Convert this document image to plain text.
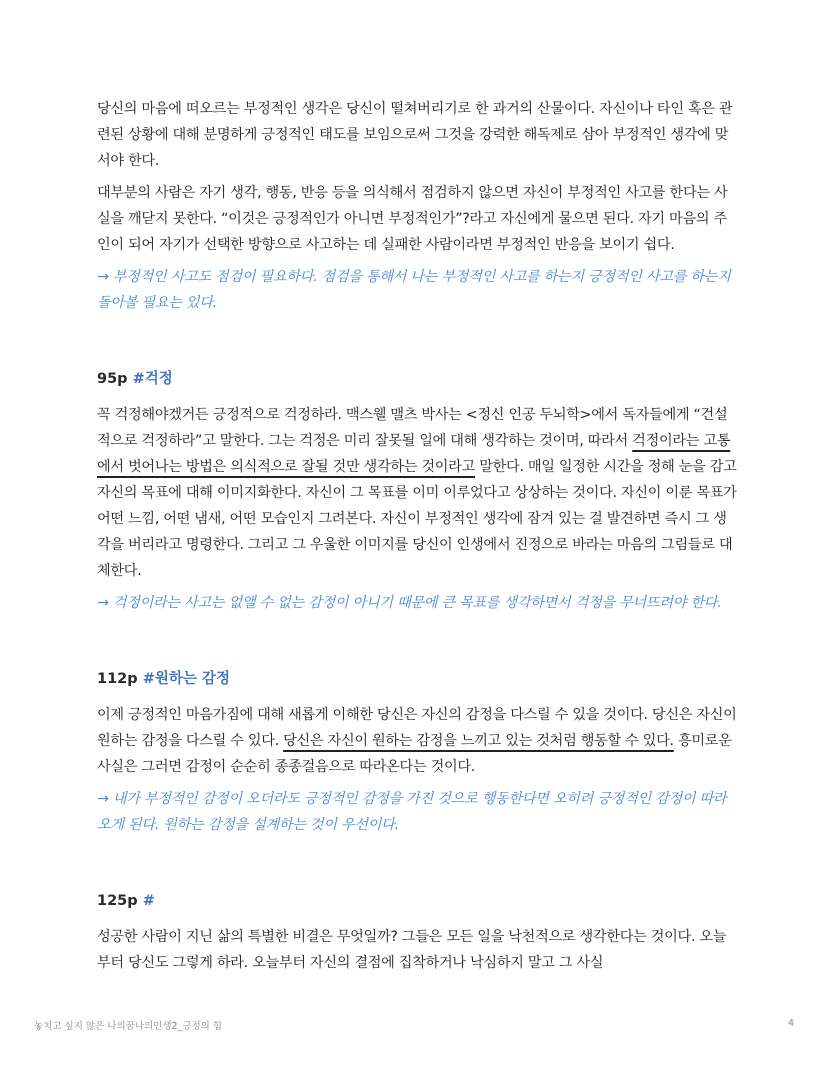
당신의 마음에 떠오르는 부정적인 생각은 당신이 떨쳐버리기로 한 과거의 산물이다. 자신이나 타인 혹은 관련된 상황에 대해 분명하게 긍정적인 태도를 보임으로써 그것을 강력한 해독제로 삼아 부정적인 생각에 맞서야 한다.

대부분의 사람은 자기 생각, 행동, 반응 등을 의식해서 점검하지 않으면 자신이 부정적인 사고를 한다는 사실을 깨닫지 못한다. “이것은 긍정적인가 아니면 부정적인가”?라고 자신에게 물으면 된다. 자기 마음의 주인이 되어 자기가 선택한 방향으로 사고하는 데 실패한 사람이라면 부정적인 반응을 보이기 쉽다.

→ 부정적인 사고도 점검이 필요하다. 점검을 통해서 나는 부정적인 사고를 하는지 긍정적인 사고를 하는지 돌아볼 필요는 있다.

95p #걱정

꼭 걱정해야겠거든 긍정적으로 걱정하라. 맥스웰 맬츠 박사는 <정신 인공 두뇌학>에서 독자들에게 “건설적으로 걱정하라”고 말한다. 그는 걱정은 미리 잘못될 일에 대해 생각하는 것이며, 따라서 걱정이라는 고통에서 벗어나는 방법은 의식적으로 잘될 것만 생각하는 것이라고 말한다. 매일 일정한 시간을 정해 눈을 감고 자신의 목표에 대해 이미지화한다. 자신이 그 목표를 이미 이루었다고 상상하는 것이다. 자신이 이룬 목표가 어떤 느낌, 어떤 냄새, 어떤 모습인지 그려본다. 자신이 부정적인 생각에 잠겨 있는 걸 발견하면 즉시 그 생각을 버리라고 명령한다. 그리고 그 우울한 이미지를 당신이 인생에서 진정으로 바라는 마음의 그림들로 대체한다.

→ 걱정이라는 사고는 없앨 수 없는 감정이 아니기 때문에 큰 목표를 생각하면서 걱정을 무너뜨려야 한다.

112p #원하는 감정

이제 긍정적인 마음가짐에 대해 새롭게 이해한 당신은 자신의 감정을 다스릴 수 있을 것이다. 당신은 자신이 원하는 감정을 다스릴 수 있다. 당신은 자신이 원하는 감정을 느끼고 있는 것처럼 행동할 수 있다. 흥미로운 사실은 그러면 감정이 순순히 종종걸음으로 따라온다는 것이다.

→ 내가 부정적인 감정이 오더라도 긍정적인 감정을 가진 것으로 행동한다면 오히려 긍정적인 감정이 따라오게 된다. 원하는 감정을 설계하는 것이 우선이다.

125p #

성공한 사람이 지닌 삶의 특별한 비결은 무엇일까? 그들은 모든 일을 낙천적으로 생각한다는 것이다. 오늘부터 당신도 그렇게 하라. 오늘부터 자신의 결점에 집착하거나 낙심하지 말고 그 사실

놓치고 싶지 않은 나의꿈나의인생2_긍정의 힘	4
